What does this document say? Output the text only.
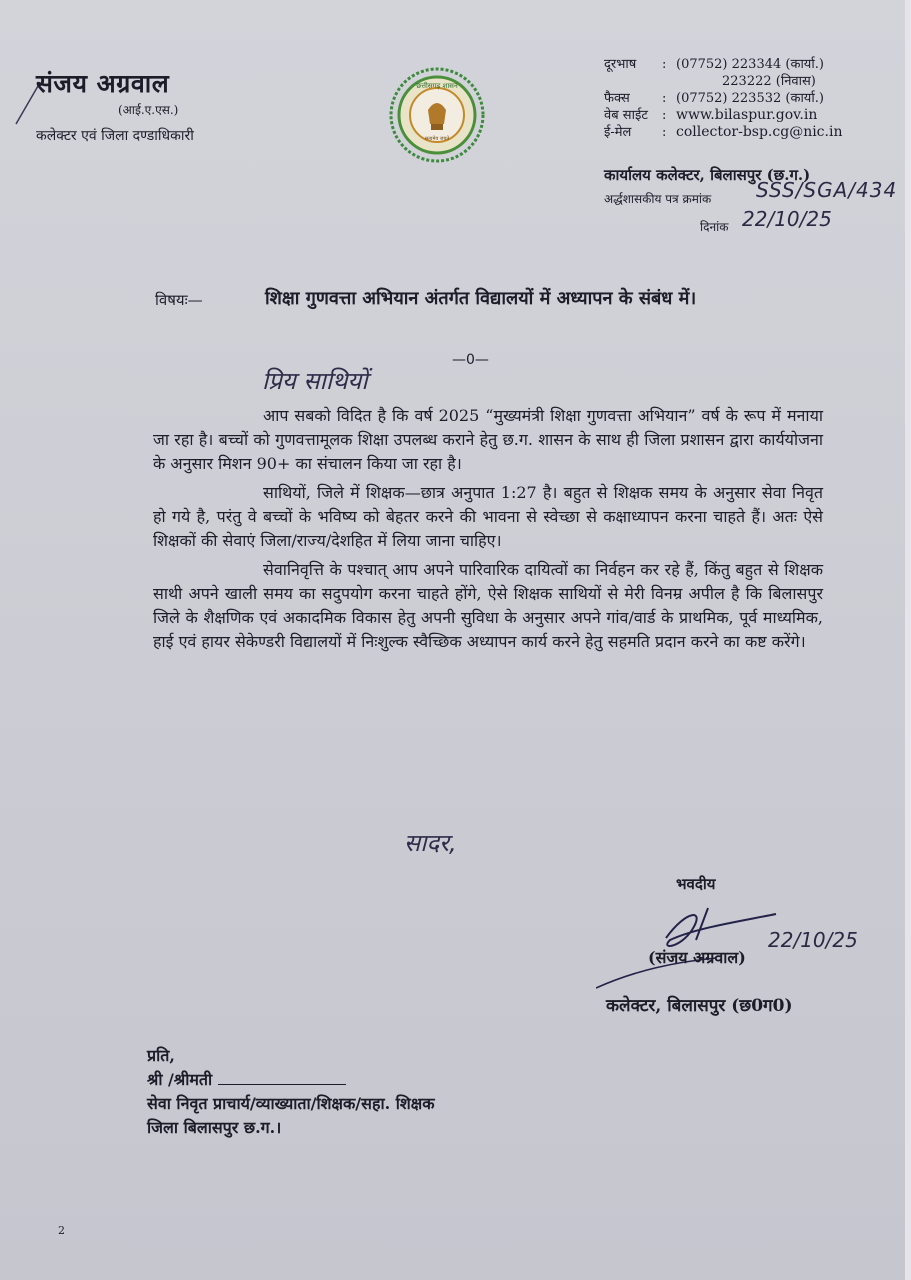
संजय अग्रवाल
(आई.ए.एस.)
कलेक्टर एवं जिला दण्डाधिकारी
छत्तीसगढ़ शासन
सत्यमेव जयते
दूरभाष	: (07752) 223344 (कार्या.)
223222 (निवास)
फैक्स	: (07752) 223532 (कार्या.)
वेब साईट	: www.bilaspur.gov.in
ई-मेल	: collector-bsp.cg@nic.in
कार्यालय कलेक्टर, बिलासपुर (छ.ग.)
अर्द्धशासकीय पत्र क्रमांक SSS/SGA/434
दिनांक 22/10/25
विषयः—	शिक्षा गुणवत्ता अभियान अंतर्गत विद्यालयों में अध्यापन के संबंध में।
—0—
प्रिय साथियों

आप सबको विदित है कि वर्ष 2025 “मुख्यमंत्री शिक्षा गुणवत्ता अभियान” वर्ष के रूप में मनाया जा रहा है। बच्चों को गुणवत्तामूलक शिक्षा उपलब्ध कराने हेतु छ.ग. शासन के साथ ही जिला प्रशासन द्वारा कार्ययोजना के अनुसार मिशन 90+ का संचालन किया जा रहा है।

साथियों, जिले में शिक्षक—छात्र अनुपात 1:27 है। बहुत से शिक्षक समय के अनुसार सेवा निवृत हो गये है, परंतु वे बच्चों के भविष्य को बेहतर करने की भावना से स्वेच्छा से कक्षाध्यापन करना चाहते हैं। अतः ऐसे शिक्षकों की सेवाएं जिला/राज्य/देशहित में लिया जाना चाहिए।

सेवानिवृत्ति के पश्चात् आप अपने पारिवारिक दायित्वों का निर्वहन कर रहे हैं, किंतु बहुत से शिक्षक साथी अपने खाली समय का सदुपयोग करना चाहते होंगे, ऐसे शिक्षक साथियों से मेरी विनम्र अपील है कि बिलासपुर जिले के शैक्षणिक एवं अकादमिक विकास हेतु अपनी सुविधा के अनुसार अपने गांव/वार्ड के प्राथमिक, पूर्व माध्यमिक, हाई एवं हायर सेकेण्डरी विद्यालयों में निःशुल्क स्वैच्छिक अध्यापन कार्य करने हेतु सहमति प्रदान करने का कष्ट करेंगे।

सादर,
भवदीय
(संजय अग्रवाल)
22/10/25
कलेक्टर, बिलासपुर (छ0ग0)
प्रति,
श्री /श्रीमती
सेवा निवृत प्राचार्य/व्याख्याता/शिक्षक/सहा. शिक्षक
जिला बिलासपुर छ.ग.।
2
